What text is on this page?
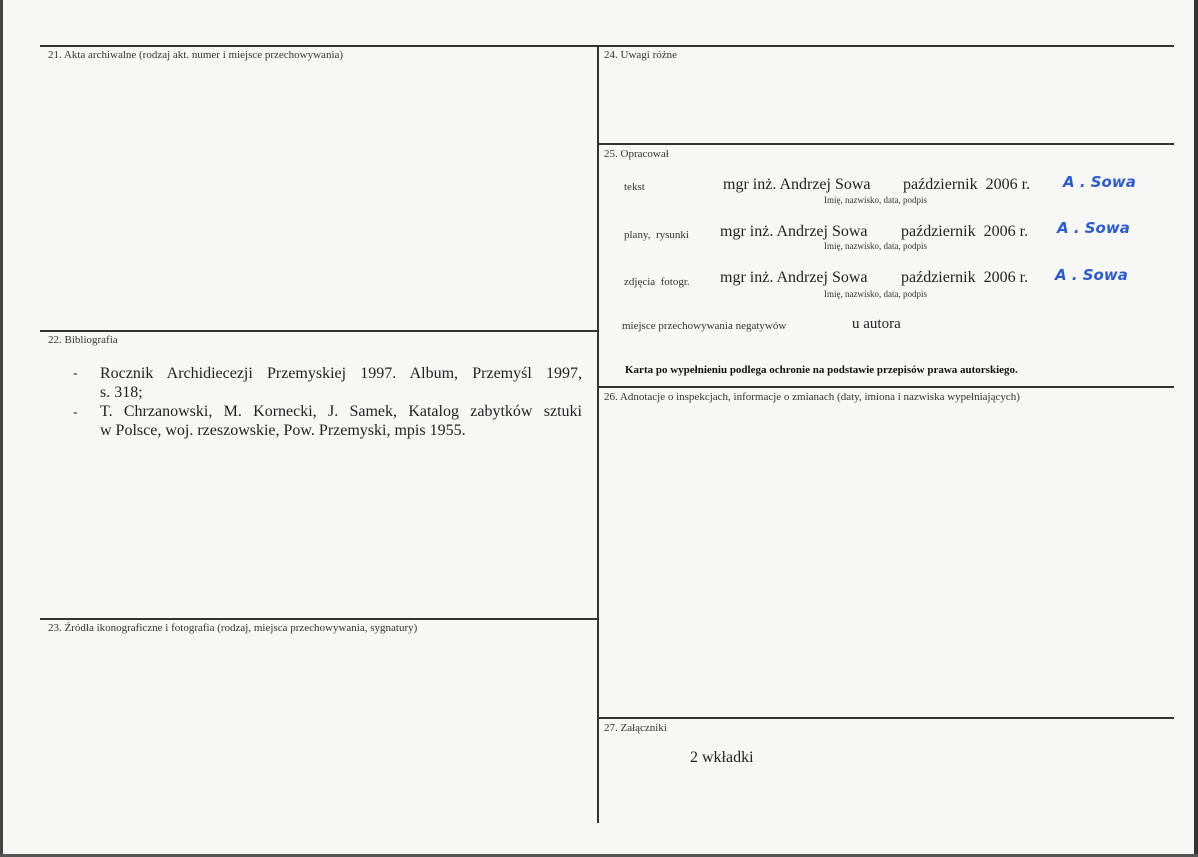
21. Akta archiwalne (rodzaj akt. numer i miejsce przechowywania)
22. Bibliografia
- Rocznik Archidiecezji Przemyskiej 1997. Album, Przemyśl 1997,
s. 318;
- T. Chrzanowski, M. Kornecki, J. Samek, Katalog zabytków sztuki
w Polsce, woj. rzeszowskie, Pow. Przemyski, mpis 1955.
23. Źródła ikonograficzne i fotografia (rodzaj, miejsca przechowywania, sygnatury)
24. Uwagi różne
25. Opracował
tekst	mgr inż. Andrzej Sowa październik  2006 r. A . Sowa
Imię, nazwisko, data, podpis
plany,  rysunki mgr inż. Andrzej Sowa październik  2006 r. A . Sowa
Imię, nazwisko, data, podpis
zdjęcia  fotogr. mgr inż. Andrzej Sowa październik  2006 r. A . Sowa
Imię, nazwisko, data, podpis
miejsce przechowywania negatywów	u autora
Karta po wypełnieniu podlega ochronie na podstawie przepisów prawa autorskiego.
26. Adnotacje o inspekcjach, informacje o zmianach (daty, imiona i nazwiska wypełniających)
27. Załączniki
2 wkładki
